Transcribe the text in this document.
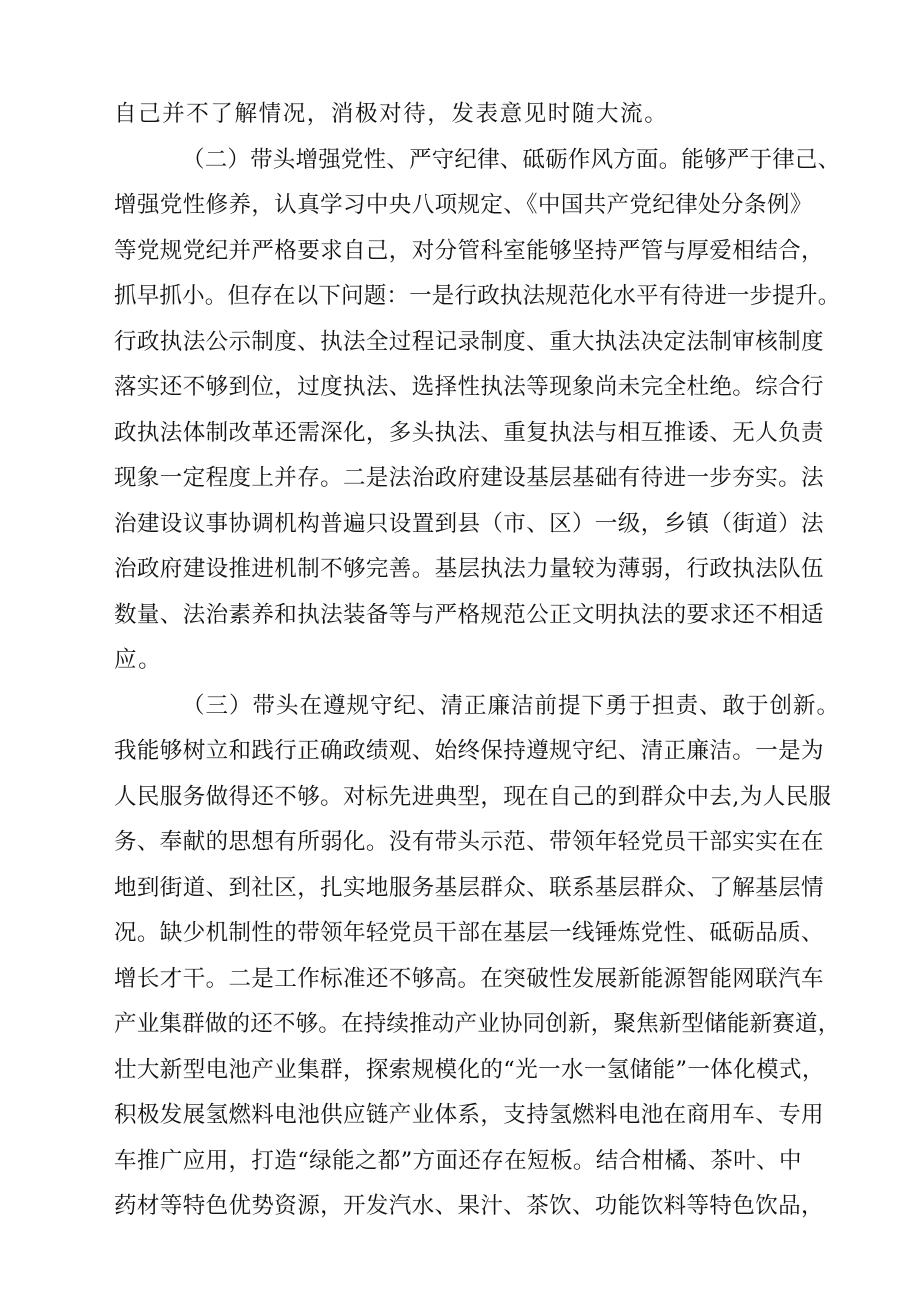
自己并不了解情况，消极对待，发表意见时随大流。
（二）带头增强党性、严守纪律、砥砺作风方面。能够严于律己、
增强党性修养，认真学习中央八项规定、《中国共产党纪律处分条例》
等党规党纪并严格要求自己，对分管科室能够坚持严管与厚爱相结合，
抓早抓小。但存在以下问题：一是行政执法规范化水平有待进一步提升。
行政执法公示制度、执法全过程记录制度、重大执法决定法制审核制度
落实还不够到位，过度执法、选择性执法等现象尚未完全杜绝。综合行
政执法体制改革还需深化，多头执法、重复执法与相互推诿、无人负责
现象一定程度上并存。二是法治政府建设基层基础有待进一步夯实。法
治建设议事协调机构普遍只设置到县（市、区）一级，乡镇（街道）法
治政府建设推进机制不够完善。基层执法力量较为薄弱，行政执法队伍
数量、法治素养和执法装备等与严格规范公正文明执法的要求还不相适
应。
（三）带头在遵规守纪、清正廉洁前提下勇于担责、敢于创新。
我能够树立和践行正确政绩观、始终保持遵规守纪、清正廉洁。一是为
人民服务做得还不够。对标先进典型，现在自己的到群众中去,为人民服
务、奉献的思想有所弱化。没有带头示范、带领年轻党员干部实实在在
地到街道、到社区，扎实地服务基层群众、联系基层群众、了解基层情
况。缺少机制性的带领年轻党员干部在基层一线锤炼党性、砥砺品质、
增长才干。二是工作标准还不够高。在突破性发展新能源智能网联汽车
产业集群做的还不够。在持续推动产业协同创新，聚焦新型储能新赛道，
壮大新型电池产业集群，探索规模化的“光一水一氢储能”一体化模式，
积极发展氢燃料电池供应链产业体系，支持氢燃料电池在商用车、专用
车推广应用，打造“绿能之都”方面还存在短板。结合柑橘、茶叶、中
药材等特色优势资源，开发汽水、果汁、茶饮、功能饮料等特色饮品，
